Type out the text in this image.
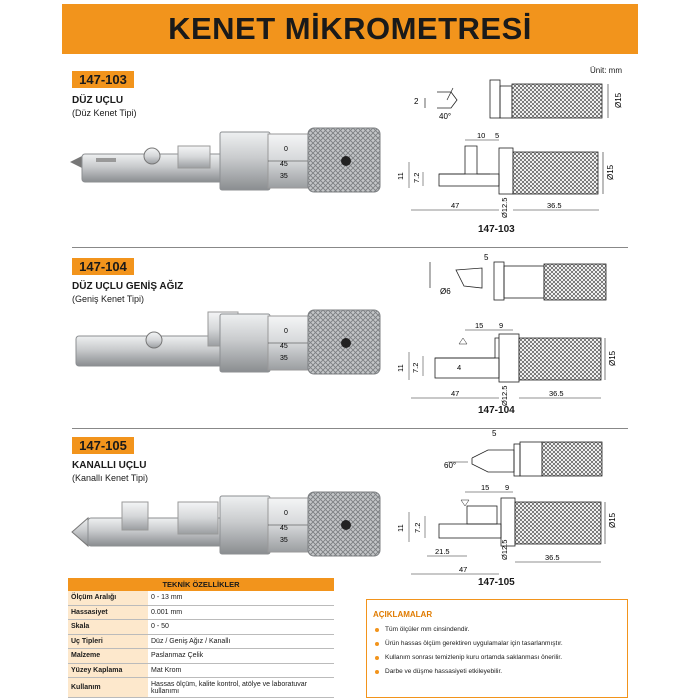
KENET MİKROMETRESİ
Ünit: mm
147-103
DÜZ UÇLU
(Düz Kenet Tipi)
0
45
35
2
40°
Ø15
10 5
11 7.2	Ø15
47	Ø12.5	36.5
147-103
147-104
DÜZ UÇLU GENİŞ AĞIZ
(Geniş Kenet Tipi)
0
45
35
5
Ø6
15 9
11 7.2	4
Ø15
47	Ø12.5	36.5
147-104
147-105
KANALLI UÇLU
(Kanallı Kenet Tipi)
0
45
35
5
60°
15 9
11 7.2	Ø15
21.5	Ø12.5	36.5
47
147-105
TEKNİK ÖZELLİKLER	
Ölçüm Aralığı	0 - 13 mm
Hassasiyet	0.001 mm
Skala	0 - 50
Uç Tipleri	Düz / Geniş Ağız / Kanallı
Malzeme	Paslanmaz Çelik
Yüzey Kaplama	Mat Krom
Kullanım	Hassas ölçüm, kalite kontrol, atölye ve laboratuvar kullanımı
AÇIKLAMALAR
Tüm ölçüler mm cinsindendir.
Ürün hassas ölçüm gerektiren uygulamalar için tasarlanmıştır.
Kullanım sonrası temizlenip kuru ortamda saklanması önerilir.
Darbe ve düşme hassasiyeti etkileyebilir.
